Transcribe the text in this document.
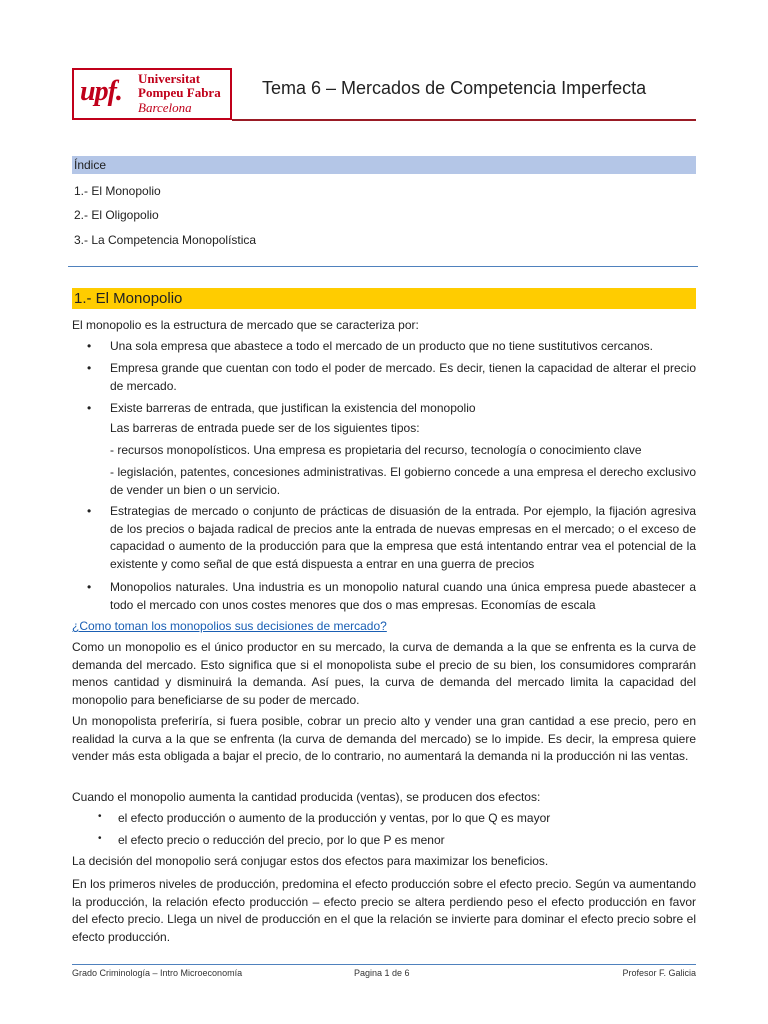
upf. Universitat
Pompeu Fabra
Barcelona
Tema 6 – Mercados de Competencia Imperfecta
Índice
1.- El Monopolio
2.- El Oligopolio
3.- La Competencia Monopolística
1.- El Monopolio
El monopolio es la estructura de mercado que se caracteriza por:
• Una sola empresa que abastece a todo el mercado de un producto que no tiene sustitutivos cercanos.
• Empresa grande que cuentan con todo el poder de mercado. Es decir, tienen la capacidad de alterar el precio de mercado.
• Existe barreras de entrada, que justifican la existencia del monopolio
Las barreras de entrada puede ser de los siguientes tipos:
- recursos monopolísticos. Una empresa es propietaria del recurso, tecnología o conocimiento clave
- legislación, patentes, concesiones administrativas. El gobierno concede a una empresa el derecho exclusivo de vender un bien o un servicio.
• Estrategias de mercado o conjunto de prácticas de disuasión de la entrada. Por ejemplo, la fijación agresiva de los precios o bajada radical de precios ante la entrada de nuevas empresas en el mercado; o el exceso de capacidad o aumento de la producción para que la empresa que está intentando entrar vea el potencial de la existente y como señal de que está dispuesta a entrar en una guerra de precios
• Monopolios naturales. Una industria es un monopolio natural cuando una única empresa puede abastecer a todo el mercado con unos costes menores que dos o mas empresas. Economías de escala
¿Como toman los monopolios sus decisiones de mercado?
Como un monopolio es el único productor en su mercado, la curva de demanda a la que se enfrenta es la curva de demanda del mercado. Esto significa que si el monopolista sube el precio de su bien, los consumidores comprarán menos cantidad y disminuirá la demanda. Así pues, la curva de demanda del mercado limita la capacidad del monopolio para beneficiarse de su poder de mercado.
Un monopolista preferiría, si fuera posible, cobrar un precio alto y vender una gran cantidad a ese precio, pero en realidad la curva a la que se enfrenta (la curva de demanda del mercado) se lo impide. Es decir, la empresa quiere vender más esta obligada a bajar el precio, de lo contrario, no aumentará la demanda ni la producción ni las ventas.
Cuando el monopolio aumenta la cantidad producida (ventas), se producen dos efectos:
• el efecto producción o aumento de la producción y ventas, por lo que Q es mayor
• el efecto precio o reducción del precio, por lo que P es menor
La decisión del monopolio será conjugar estos dos efectos para maximizar los beneficios.
En los primeros niveles de producción, predomina el efecto producción sobre el efecto precio. Según va aumentando la producción, la relación efecto producción – efecto precio se altera perdiendo peso el efecto producción en favor del efecto precio. Llega un nivel de producción en el que la relación se invierte para dominar el efecto precio sobre el efecto producción.
Grado Criminología – Intro Microeconomía	Pagina 1 de 6	Profesor F. Galicia
